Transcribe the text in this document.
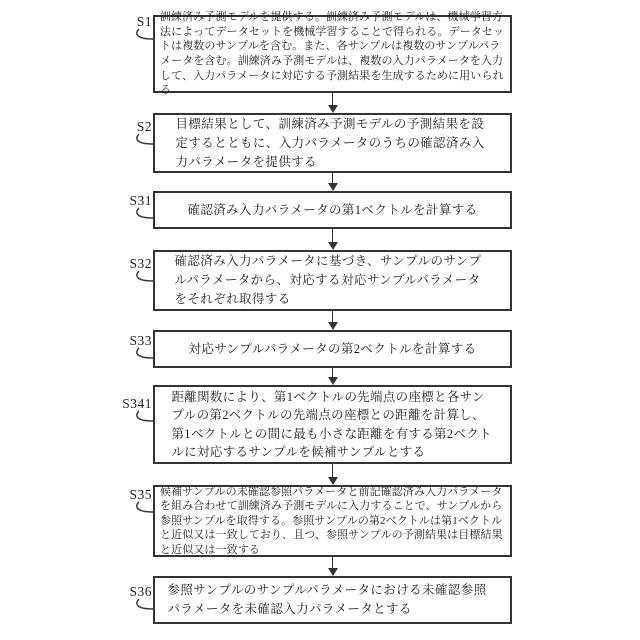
S1 訓練済み予測モデルを提供する。訓練済み予測モデルは、機械学習方法によってデータセットを機械学習することで得られる。データセットは複数のサンプルを含む。また、各サンプルは複数のサンプルパラメータを含む。訓練済み予測モデルは、複数の入力パラメータを入力して、入力パラメータに対応する予測結果を生成するために用いられる
S2 目標結果として、訓練済み予測モデルの予測結果を設定するとともに、入力パラメータのうちの確認済み入力パラメータを提供する
S31
確認済み入力パラメータの第1ベクトルを計算する
S32 確認済み入力パラメータに基づき、サンプルのサンプルパラメータから、対応する対応サンプルパラメータをそれぞれ取得する
S33
対応サンプルパラメータの第2ベクトルを計算する
S341 距離関数により、第1ベクトルの先端点の座標と各サンプルの第2ベクトルの先端点の座標との距離を計算し、第1ベクトルとの間に最も小さな距離を有する第2ベクトルに対応するサンプルを候補サンプルとする
S35 候補サンプルの未確認参照パラメータと前記確認済み入力パラメータを組み合わせて訓練済み予測モデルに入力することで、サンプルから参照サンプルを取得する。参照サンプルの第2ベクトルは第1ベクトルと近似又は一致しており、且つ、参照サンプルの予測結果は目標結果と近似又は一致する
S36 参照サンプルのサンプルパラメータにおける未確認参照パラメータを未確認入力パラメータとする
